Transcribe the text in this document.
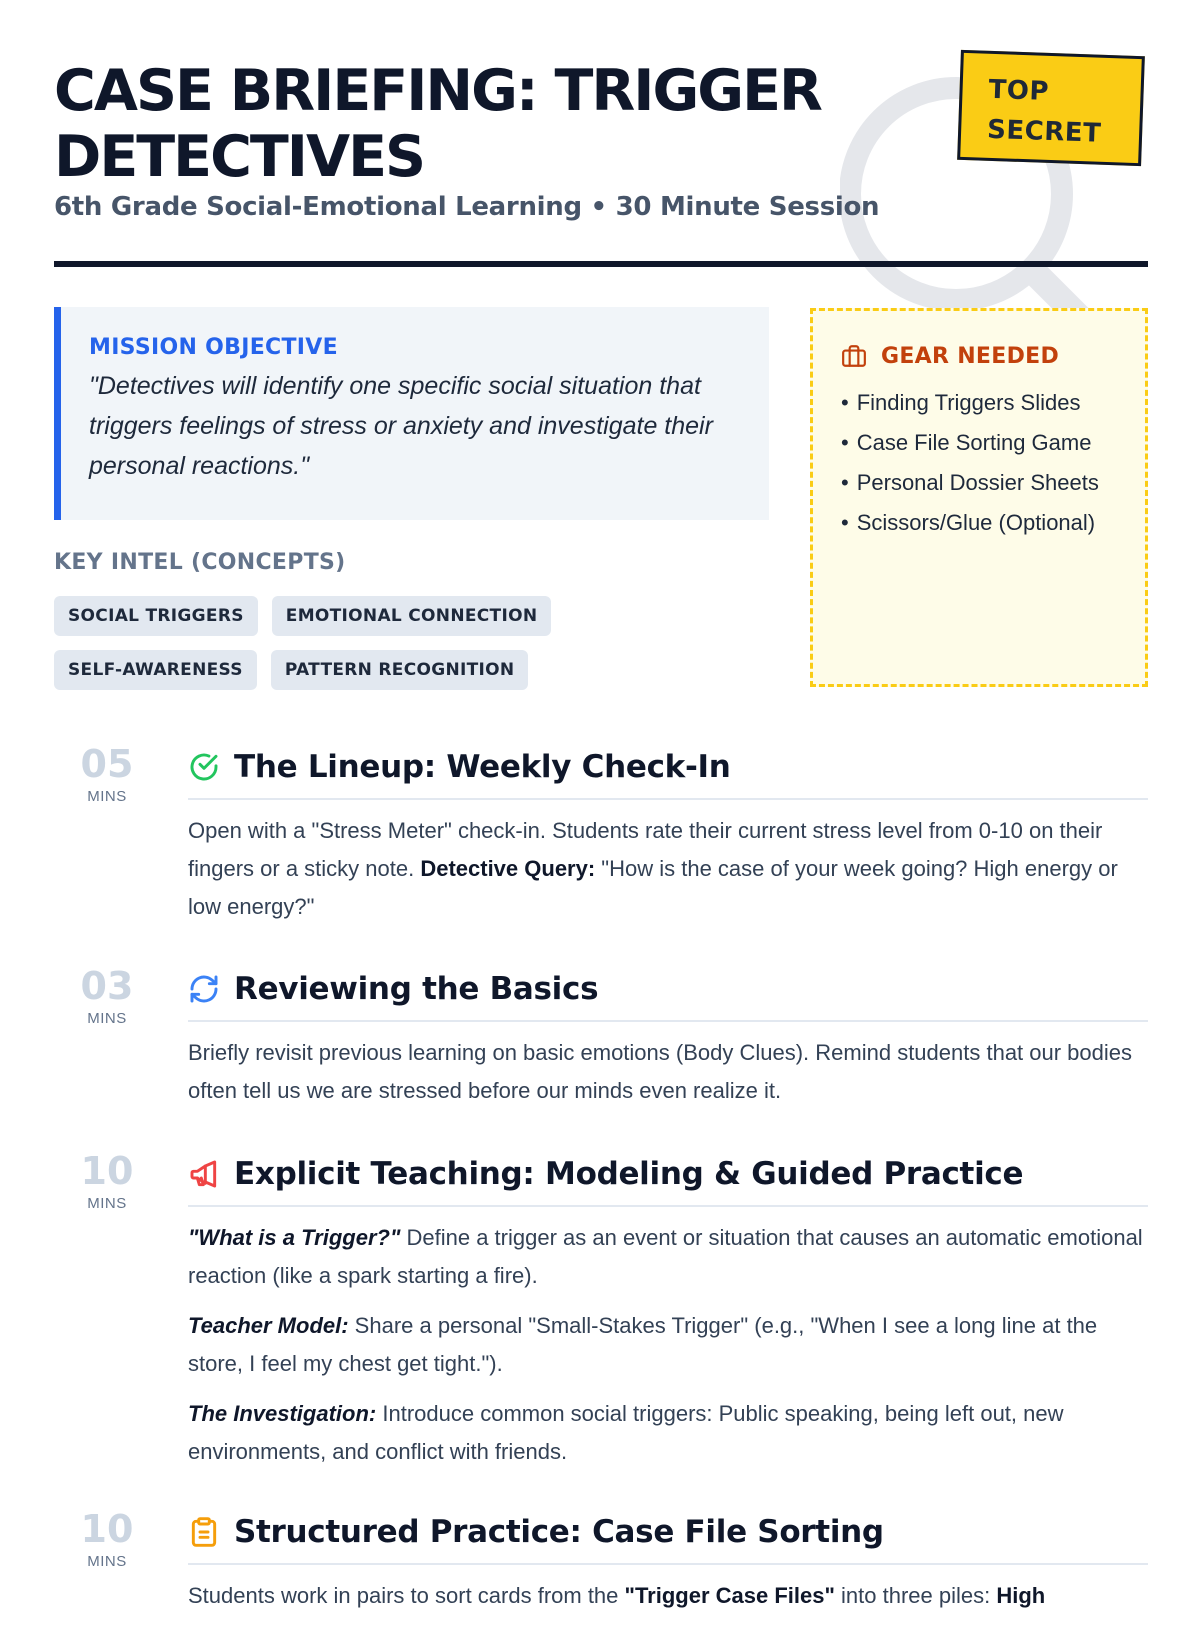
CASE BRIEFING: TRIGGER DETECTIVES
6th Grade Social-Emotional Learning • 30 Minute Session
TOP
SECRET
MISSION OBJECTIVE
"Detectives will identify one specific social situation that triggers feelings of stress or anxiety and investigate their personal reactions."
GEAR NEEDED
• Finding Triggers Slides
• Case File Sorting Game
• Personal Dossier Sheets
• Scissors/Glue (Optional)
KEY INTEL (CONCEPTS)
SOCIAL TRIGGERS	EMOTIONAL CONNECTION
SELF-AWARENESS	PATTERN RECOGNITION
05
MINS
The Lineup: Weekly Check-In

Open with a "Stress Meter" check-in. Students rate their current stress level from 0-10 on their fingers or a sticky note. Detective Query: "How is the case of your week going? High energy or low energy?"

03
MINS
Reviewing the Basics

Briefly revisit previous learning on basic emotions (Body Clues). Remind students that our bodies often tell us we are stressed before our minds even realize it.

10
MINS
Explicit Teaching: Modeling & Guided Practice

"What is a Trigger?" Define a trigger as an event or situation that causes an automatic emotional reaction (like a spark starting a fire).

Teacher Model: Share a personal "Small-Stakes Trigger" (e.g., "When I see a long line at the store, I feel my chest get tight.").

The Investigation: Introduce common social triggers: Public speaking, being left out, new environments, and conflict with friends.

10
MINS
Structured Practice: Case File Sorting

Students work in pairs to sort cards from the "Trigger Case Files" into three piles: High
